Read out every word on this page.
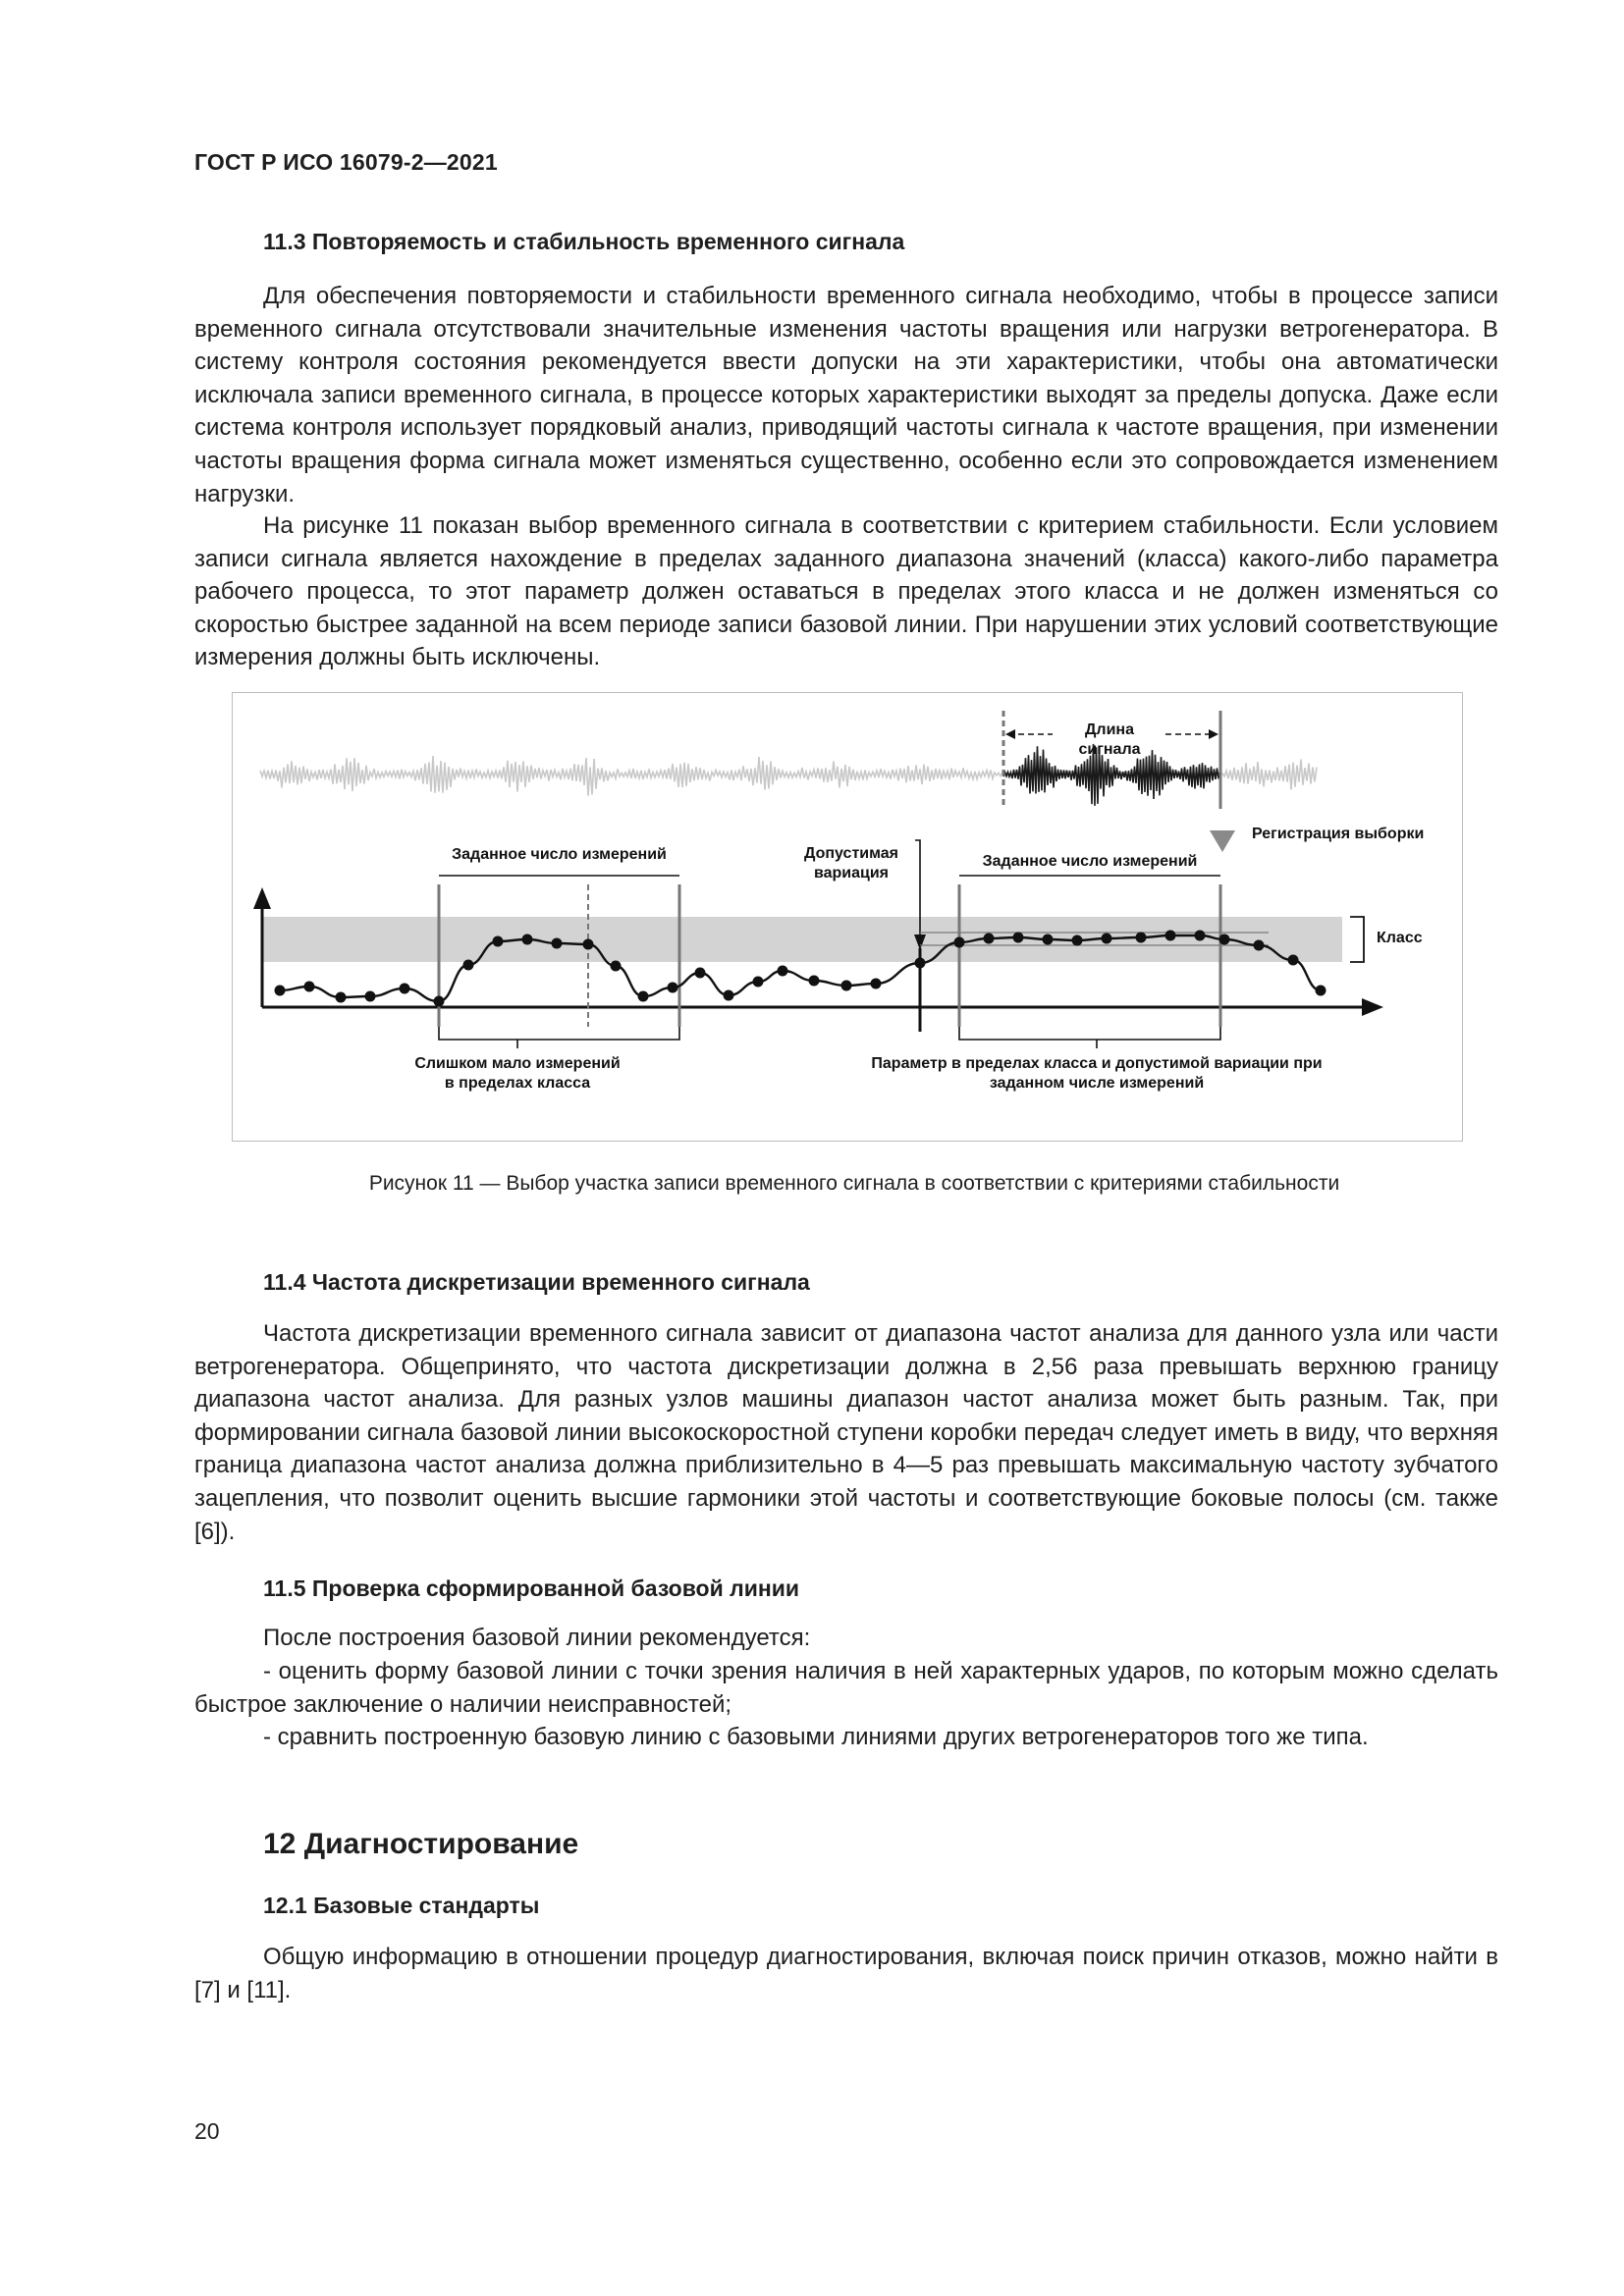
ГОСТ Р ИСО 16079-2—2021
11.3 Повторяемость и стабильность временного сигнала

Для обеспечения повторяемости и стабильности временного сигнала необходимо, чтобы в процессе записи временного сигнала отсутствовали значительные изменения частоты вращения или нагрузки ветрогенератора. В систему контроля состояния рекомендуется ввести допуски на эти характеристики, чтобы она автоматически исключала записи временного сигнала, в процессе которых характеристики выходят за пределы допуска. Даже если система контроля использует порядковый анализ, приводящий частоты сигнала к частоте вращения, при изменении частоты вращения форма сигнала может изменяться существенно, особенно если это сопровождается изменением нагрузки.

На рисунке 11 показан выбор временного сигнала в соответствии с критерием стабильности. Если условием записи сигнала является нахождение в пределах заданного диапазона значений (класса) какого-либо параметра рабочего процесса, то этот параметр должен оставаться в пределах этого класса и не должен изменяться со скоростью быстрее заданной на всем периоде записи базовой линии. При нарушении этих условий соответствующие измерения должны быть исключены.

Длина сигнала
Регистрация выборки
Заданное число измерений	Допустимая вариация
Заданное число измерений
Класс
Слишком мало измерений в пределах класса
Параметр в пределах класса и допустимой вариации при заданном числе измерений
Рисунок 11 — Выбор участка записи временного сигнала в соответствии с критериями стабильности
11.4 Частота дискретизации временного сигнала

Частота дискретизации временного сигнала зависит от диапазона частот анализа для данного узла или части ветрогенератора. Общепринято, что частота дискретизации должна в 2,56 раза превышать верхнюю границу диапазона частот анализа. Для разных узлов машины диапазон частот анализа может быть разным. Так, при формировании сигнала базовой линии высокоскоростной ступени коробки передач следует иметь в виду, что верхняя граница диапазона частот анализа должна приблизительно в 4—5 раз превышать максимальную частоту зубчатого зацепления, что позволит оценить высшие гармоники этой частоты и соответствующие боковые полосы (см. также [6]).

11.5 Проверка сформированной базовой линии

После построения базовой линии рекомендуется:

- оценить форму базовой линии с точки зрения наличия в ней характерных ударов, по которым можно сделать быстрое заключение о наличии неисправностей;

- сравнить построенную базовую линию с базовыми линиями других ветрогенераторов того же типа.

12 Диагностирование
12.1 Базовые стандарты

Общую информацию в отношении процедур диагностирования, включая поиск причин отказов, можно найти в [7] и [11].

20
